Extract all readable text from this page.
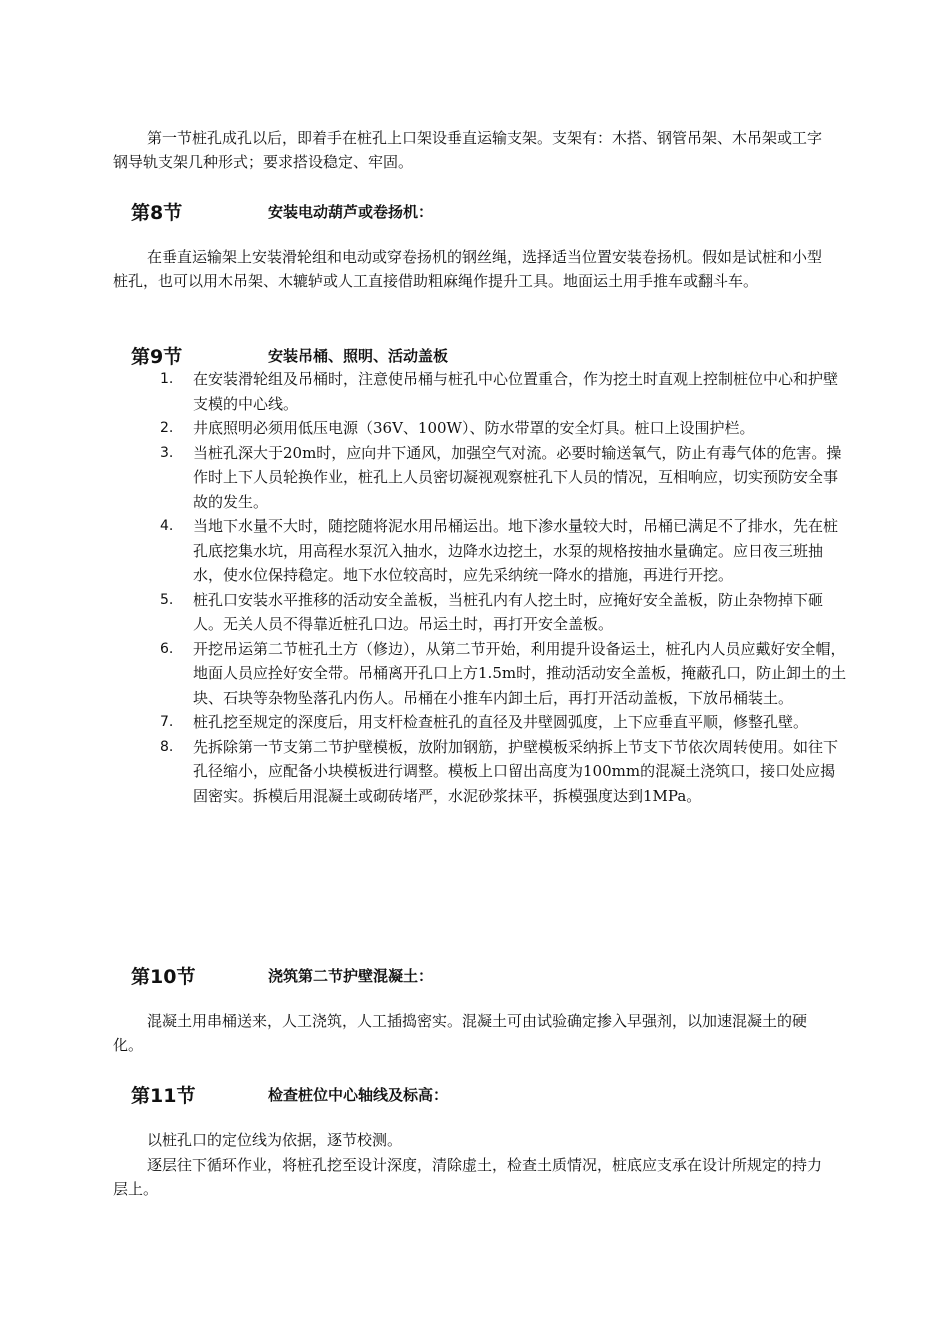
第一节桩孔成孔以后，即着手在桩孔上口架设垂直运输支架。支架有：木搭、钢管吊架、木吊架或工字钢导轨支架几种形式；要求搭设稳定、牢固。

第8节	安装电动葫芦或卷扬机：

在垂直运输架上安装滑轮组和电动或穿卷扬机的钢丝绳，选择适当位置安装卷扬机。假如是试桩和小型桩孔，也可以用木吊架、木辘轳或人工直接借助粗麻绳作提升工具。地面运土用手推车或翻斗车。

第9节	安装吊桶、照明、活动盖板
1. 在安装滑轮组及吊桶时，注意使吊桶与桩孔中心位置重合，作为挖土时直观上控制桩位中心和护壁支模的中心线。
2. 井底照明必须用低压电源（36V、100W）、防水带罩的安全灯具。桩口上设围护栏。
3. 当桩孔深大于20m时，应向井下通风，加强空气对流。必要时输送氧气，防止有毒气体的危害。操作时上下人员轮换作业，桩孔上人员密切凝视观察桩孔下人员的情况，互相响应，切实预防安全事故的发生。
4. 当地下水量不大时，随挖随将泥水用吊桶运出。地下渗水量较大时，吊桶已满足不了排水，先在桩孔底挖集水坑，用高程水泵沉入抽水，边降水边挖土，水泵的规格按抽水量确定。应日夜三班抽水，使水位保持稳定。地下水位较高时，应先采纳统一降水的措施，再进行开挖。
5. 桩孔口安装水平推移的活动安全盖板，当桩孔内有人挖土时，应掩好安全盖板，防止杂物掉下砸人。无关人员不得靠近桩孔口边。吊运土时，再打开安全盖板。
6. 开挖吊运第二节桩孔土方（修边），从第二节开始，利用提升设备运土，桩孔内人员应戴好安全帽，地面人员应拴好安全带。吊桶离开孔口上方1.5m时，推动活动安全盖板，掩蔽孔口，防止卸土的土块、石块等杂物坠落孔内伤人。吊桶在小推车内卸土后，再打开活动盖板，下放吊桶装土。
7. 桩孔挖至规定的深度后，用支杆检查桩孔的直径及井壁圆弧度，上下应垂直平顺，修整孔壁。
8. 先拆除第一节支第二节护壁模板，放附加钢筋，护壁模板采纳拆上节支下节依次周转使用。如往下孔径缩小，应配备小块模板进行调整。模板上口留出高度为100mm的混凝土浇筑口，接口处应揭固密实。拆模后用混凝土或砌砖堵严，水泥砂浆抹平，拆模强度达到1MPa。
第10节	浇筑第二节护壁混凝土：

混凝土用串桶送来，人工浇筑，人工插捣密实。混凝土可由试验确定掺入早强剂，以加速混凝土的硬化。

第11节	检查桩位中心轴线及标高：

以桩孔口的定位线为依据，逐节校测。

逐层往下循环作业，将桩孔挖至设计深度，清除虚土，检查土质情况，桩底应支承在设计所规定的持力层上。
